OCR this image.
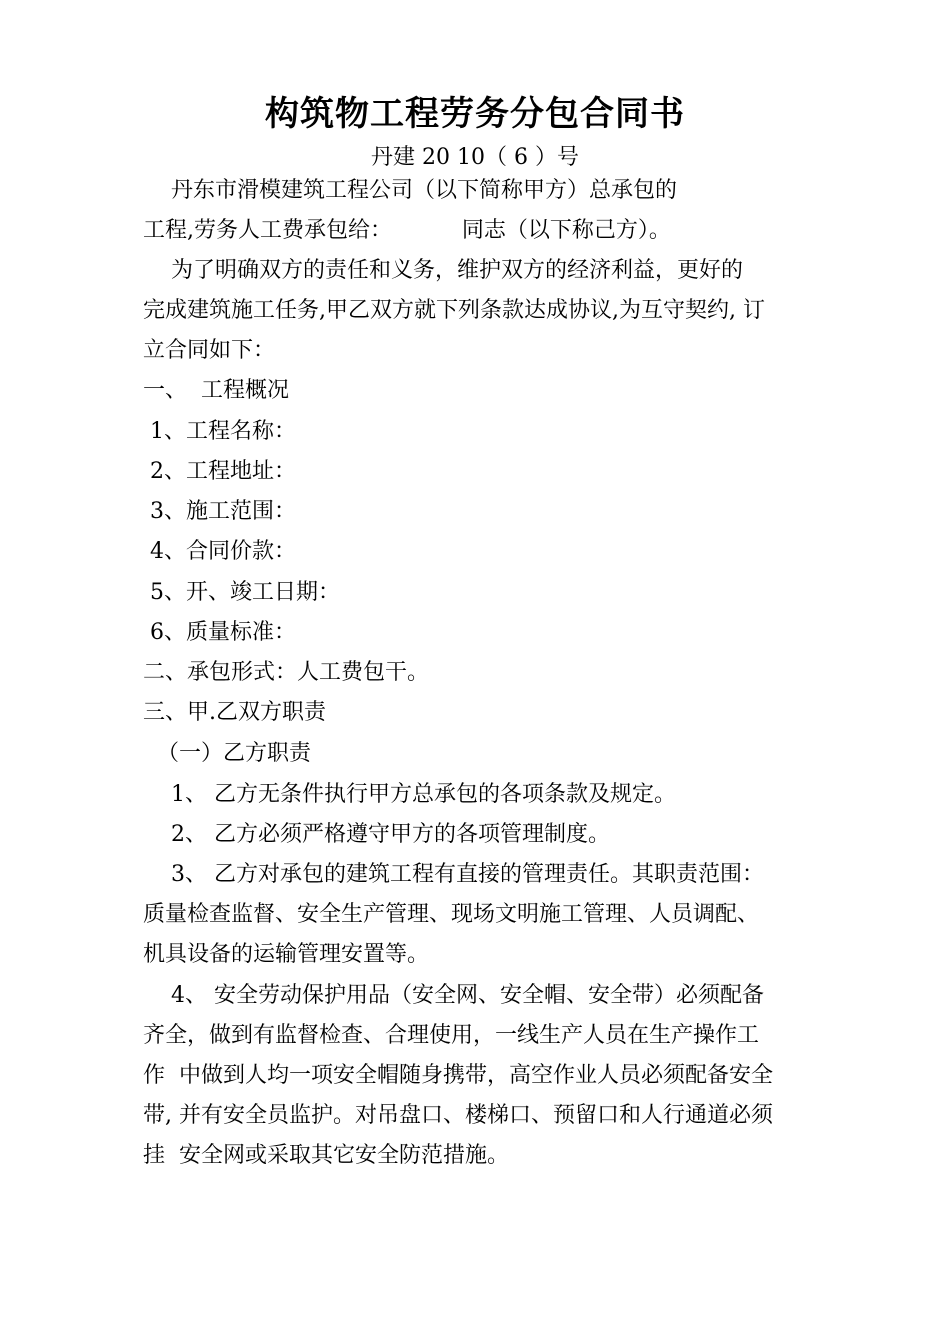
构筑物工程劳务分包合同书
丹建 20 10（ 6 ）号
丹东市滑模建筑工程公司（以下简称甲方）总承包的
工程,劳务人工费承包给：          同志（以下称己方）。
为了明确双方的责任和义务，维护双方的经济利益，更好的
完成建筑施工任务,甲乙双方就下列条款达成协议,为互守契约, 订
立合同如下：
一、  工程概况
1、工程名称：
2、工程地址：
3、施工范围：
4、合同价款：
5、开、竣工日期：
6、质量标准：
二、承包形式：人工费包干。
三、甲.乙双方职责
（一）乙方职责
1、 乙方无条件执行甲方总承包的各项条款及规定。
2、 乙方必须严格遵守甲方的各项管理制度。
3、 乙方对承包的建筑工程有直接的管理责任。其职责范围：
质量检查监督、安全生产管理、现场文明施工管理、人员调配、
机具设备的运输管理安置等。
4、 安全劳动保护用品（安全网、安全帽、安全带）必须配备
齐全，做到有监督检查、合理使用，一线生产人员在生产操作工
作  中做到人均一项安全帽随身携带，高空作业人员必须配备安全
带, 并有安全员监护。对吊盘口、楼梯口、预留口和人行通道必须
挂  安全网或采取其它安全防范措施。
